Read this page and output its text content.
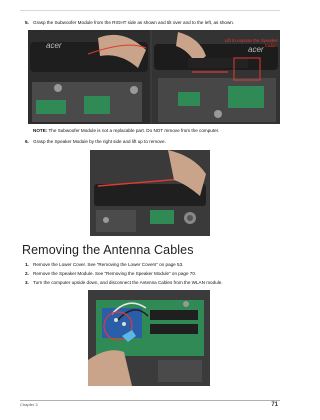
5. Grasp the Subwoofer Module from the RIGHT side as shown and tilt over and to the left, as shown.
acer	acer
Lift to expose the Speaker Cable.
NOTE: The Subwoofer Module is not a replacable part. Do NOT remove from the computer.
6. Grasp the Speaker Module by the right side and lift up to remove.
Removing the Antenna Cables
1. Remove the Lower Cover. See “Removing the Lower Covers” on page 53.
2. Remove the Speaker Module. See “Removing the Speaker Module” on page 70.
3. Turn the computer upside down, and disconnect the Antenna Cables from the WLAN module.
Chapter 3	71
